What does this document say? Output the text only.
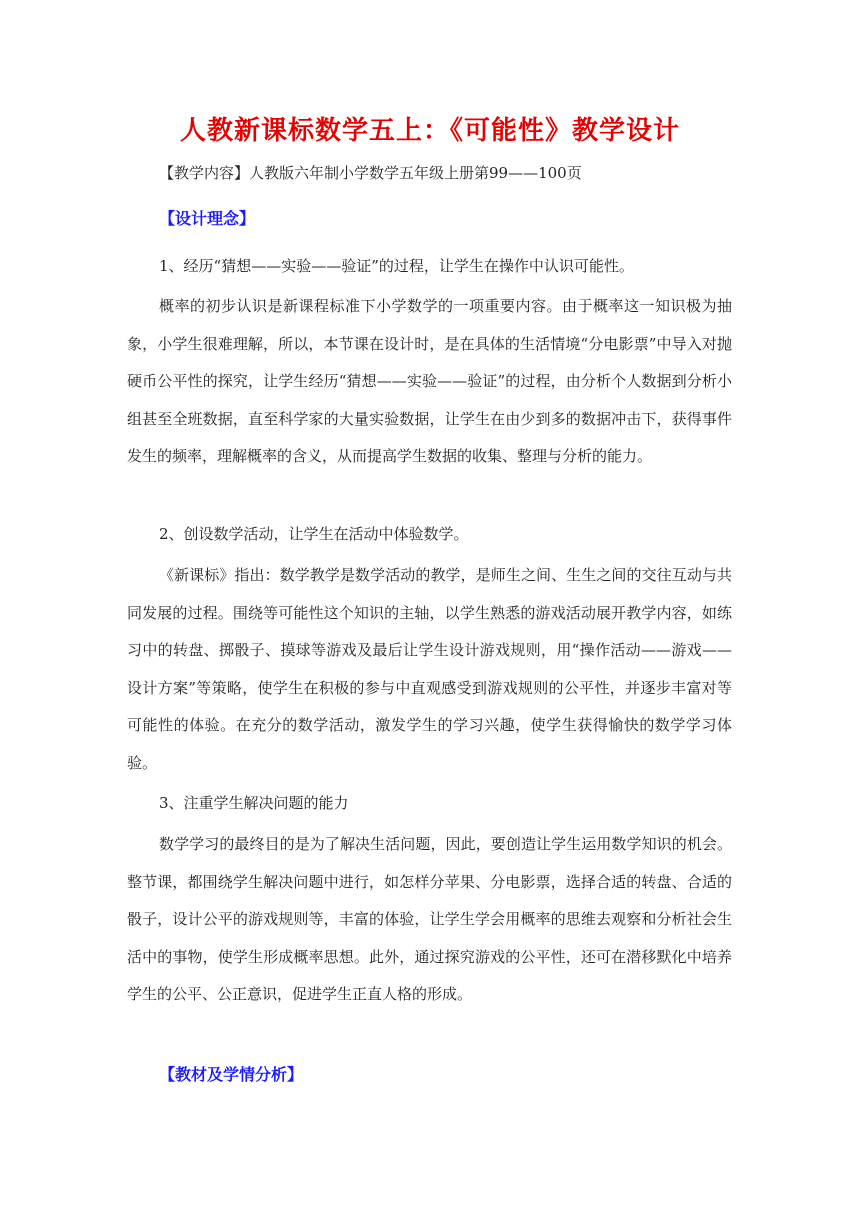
人教新课标数学五上：《可能性》教学设计

【教学内容】人教版六年制小学数学五年级上册第99——100页

【设计理念】

1、经历“猜想——实验——验证”的过程，让学生在操作中认识可能性。

概率的初步认识是新课程标准下小学数学的一项重要内容。由于概率这一知识极为抽象，小学生很难理解，所以，本节课在设计时，是在具体的生活情境“分电影票”中导入对抛硬币公平性的探究，让学生经历“猜想——实验——验证”的过程，由分析个人数据到分析小组甚至全班数据，直至科学家的大量实验数据，让学生在由少到多的数据冲击下，获得事件发生的频率，理解概率的含义，从而提高学生数据的收集、整理与分析的能力。

2、创设数学活动，让学生在活动中体验数学。

《新课标》指出：数学教学是数学活动的教学，是师生之间、生生之间的交往互动与共同发展的过程。围绕等可能性这个知识的主轴，以学生熟悉的游戏活动展开教学内容，如练习中的转盘、掷骰子、摸球等游戏及最后让学生设计游戏规则，用“操作活动——游戏——设计方案”等策略，使学生在积极的参与中直观感受到游戏规则的公平性，并逐步丰富对等可能性的体验。在充分的数学活动，激发学生的学习兴趣，使学生获得愉快的数学学习体验。

3、注重学生解决问题的能力

数学学习的最终目的是为了解决生活问题，因此，要创造让学生运用数学知识的机会。整节课，都围绕学生解决问题中进行，如怎样分苹果、分电影票，选择合适的转盘、合适的骰子，设计公平的游戏规则等，丰富的体验，让学生学会用概率的思维去观察和分析社会生活中的事物，使学生形成概率思想。此外，通过探究游戏的公平性，还可在潜移默化中培养学生的公平、公正意识，促进学生正直人格的形成。

【教材及学情分析】
